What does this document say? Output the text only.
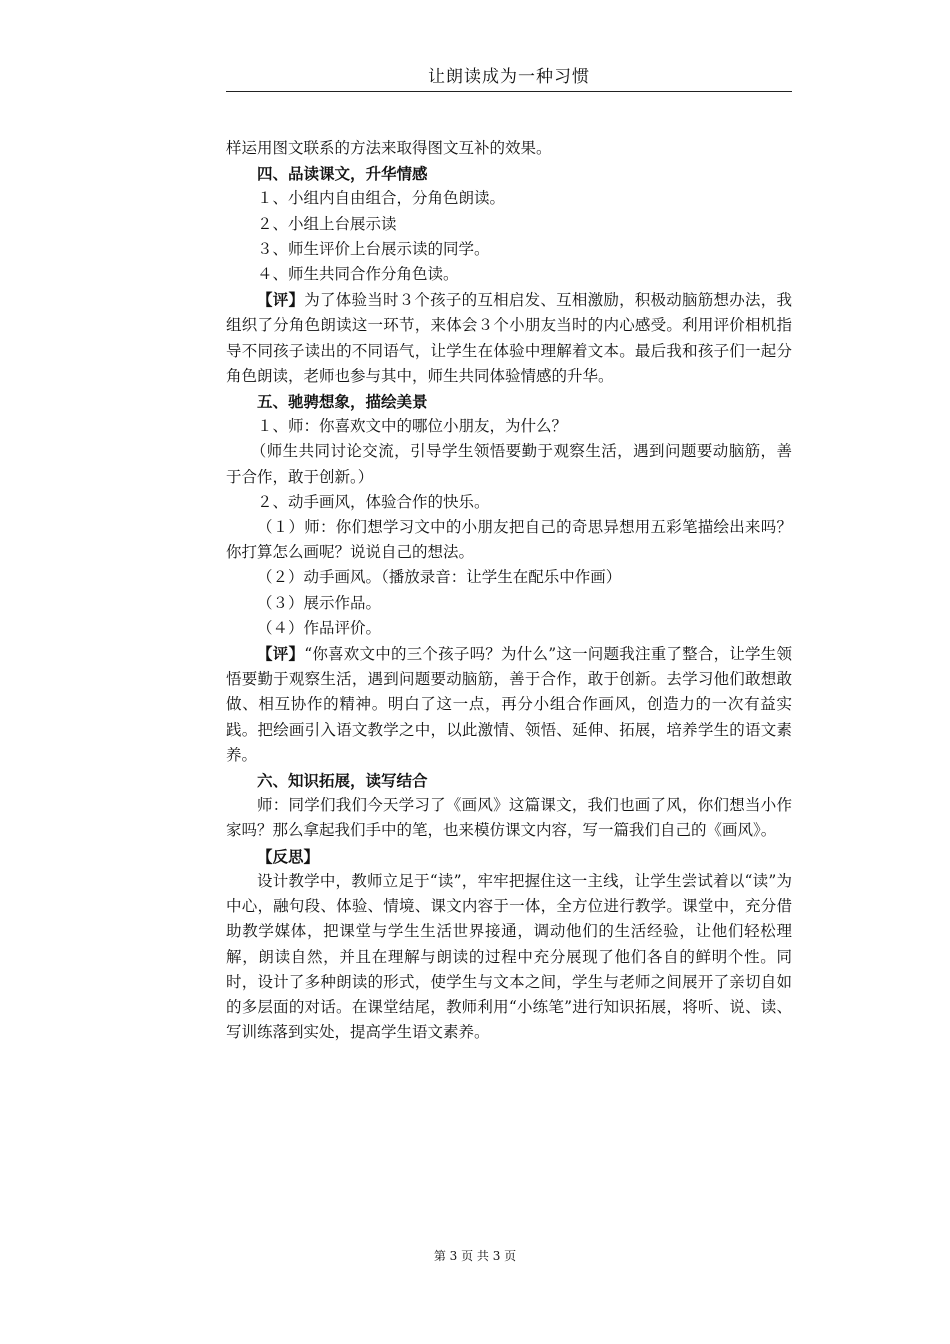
让朗读成为一种习惯

样运用图文联系的方法来取得图文互补的效果。

四、品读课文，升华情感

１、小组内自由组合，分角色朗读。

２、小组上台展示读

３、师生评价上台展示读的同学。

４、师生共同合作分角色读。

【评】为了体验当时３个孩子的互相启发、互相激励，积极动脑筋想办法，我组织了分角色朗读这一环节，来体会３个小朋友当时的内心感受。利用评价相机指导不同孩子读出的不同语气，让学生在体验中理解着文本。最后我和孩子们一起分角色朗读，老师也参与其中，师生共同体验情感的升华。

五、驰骋想象，描绘美景

１、师：你喜欢文中的哪位小朋友，为什么？

（师生共同讨论交流，引导学生领悟要勤于观察生活，遇到问题要动脑筋，善于合作，敢于创新。）

２、动手画风，体验合作的快乐。

（１）师：你们想学习文中的小朋友把自己的奇思异想用五彩笔描绘出来吗？你打算怎么画呢？说说自己的想法。

（２）动手画风。（播放录音：让学生在配乐中作画）

（３）展示作品。

（４）作品评价。

【评】“你喜欢文中的三个孩子吗？为什么”这一问题我注重了整合，让学生领悟要勤于观察生活，遇到问题要动脑筋，善于合作，敢于创新。去学习他们敢想敢做、相互协作的精神。明白了这一点，再分小组合作画风，创造力的一次有益实践。把绘画引入语文教学之中，以此激情、领悟、延伸、拓展，培养学生的语文素养。

六、知识拓展，读写结合

师：同学们我们今天学习了《画风》这篇课文，我们也画了风，你们想当小作家吗？那么拿起我们手中的笔，也来模仿课文内容，写一篇我们自己的《画风》。

【反思】

设计教学中，教师立足于“读”，牢牢把握住这一主线，让学生尝试着以“读”为中心，融句段、体验、情境、课文内容于一体，全方位进行教学。课堂中，充分借助教学媒体，把课堂与学生生活世界接通，调动他们的生活经验，让他们轻松理解，朗读自然，并且在理解与朗读的过程中充分展现了他们各自的鲜明个性。同时，设计了多种朗读的形式，使学生与文本之间，学生与老师之间展开了亲切自如的多层面的对话。在课堂结尾，教师利用“小练笔”进行知识拓展，将听、说、读、写训练落到实处，提高学生语文素养。

第 3 页 共 3 页
